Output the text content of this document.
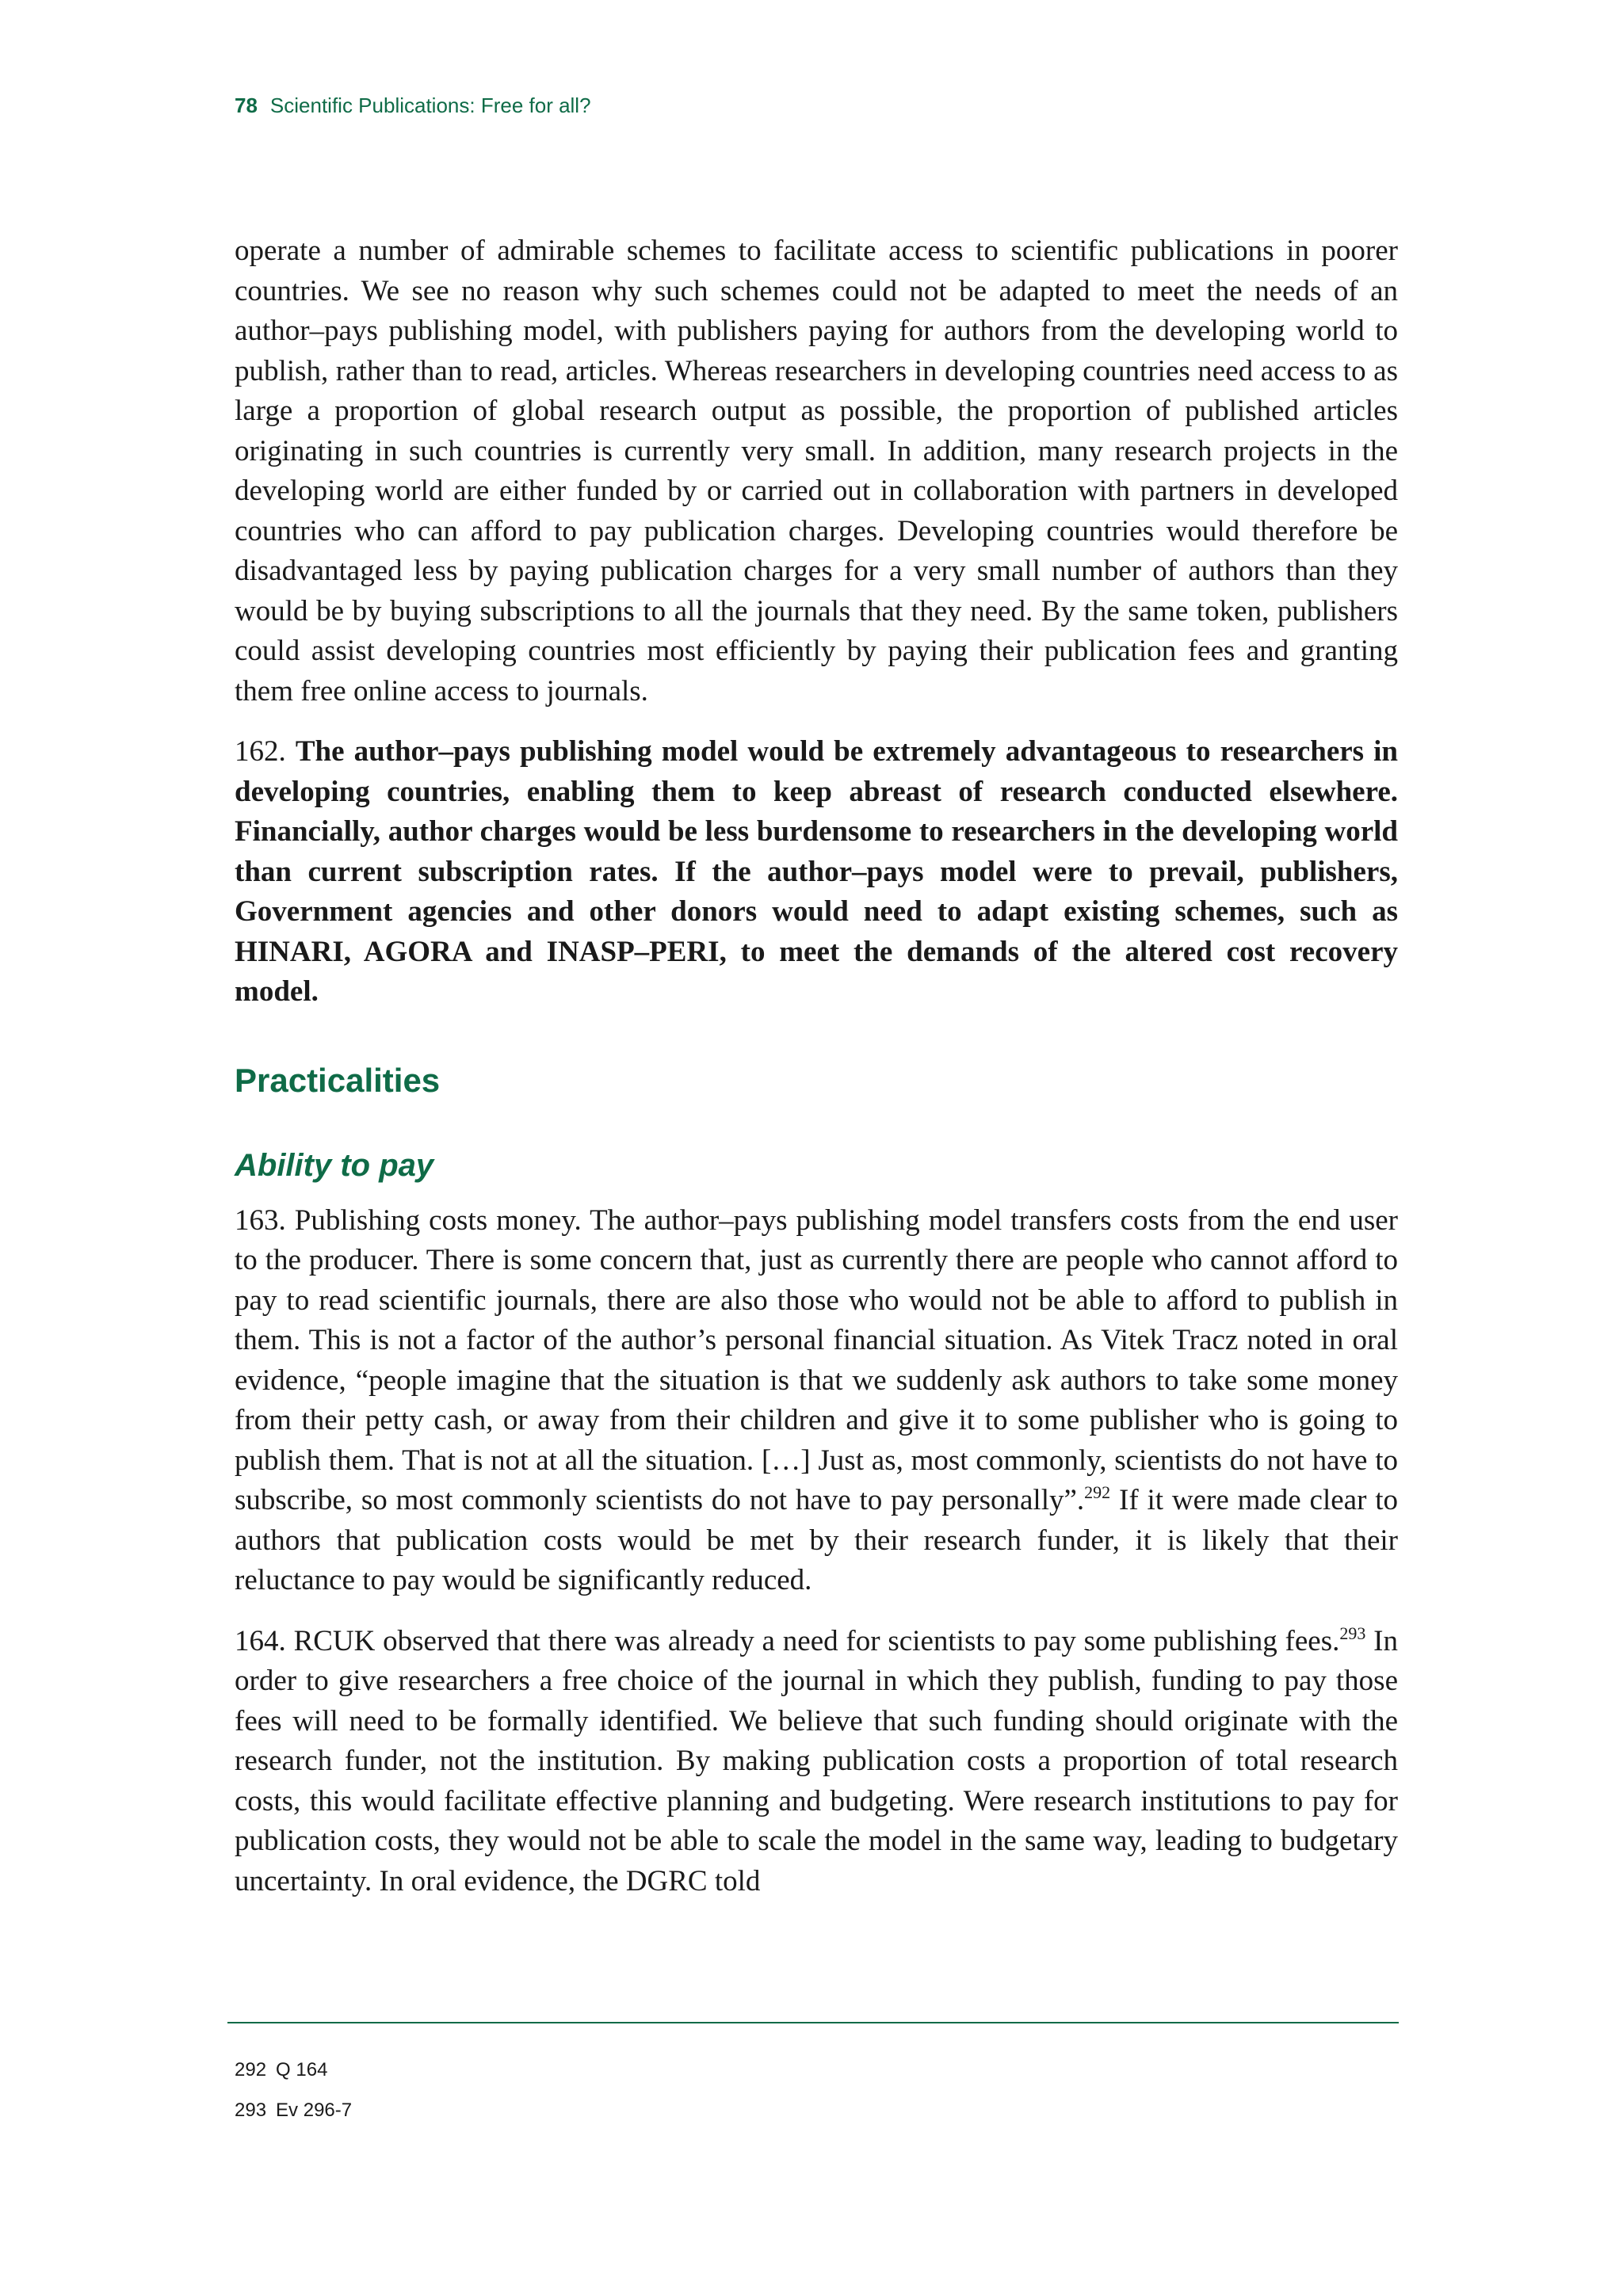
78 Scientific Publications: Free for all?

operate a number of admirable schemes to facilitate access to scientific publications in poorer countries. We see no reason why such schemes could not be adapted to meet the needs of an author–pays publishing model, with publishers paying for authors from the developing world to publish, rather than to read, articles. Whereas researchers in developing countries need access to as large a proportion of global research output as possible, the proportion of published articles originating in such countries is currently very small. In addition, many research projects in the developing world are either funded by or carried out in collaboration with partners in developed countries who can afford to pay publication charges. Developing countries would therefore be disadvantaged less by paying publication charges for a very small number of authors than they would be by buying subscriptions to all the journals that they need. By the same token, publishers could assist developing countries most efficiently by paying their publication fees and granting them free online access to journals.

162. The author–pays publishing model would be extremely advantageous to researchers in developing countries, enabling them to keep abreast of research conducted elsewhere. Financially, author charges would be less burdensome to researchers in the developing world than current subscription rates. If the author–pays model were to prevail, publishers, Government agencies and other donors would need to adapt existing schemes, such as HINARI, AGORA and INASP–PERI, to meet the demands of the altered cost recovery model.

Practicalities
Ability to pay

163. Publishing costs money. The author–pays publishing model transfers costs from the end user to the producer. There is some concern that, just as currently there are people who cannot afford to pay to read scientific journals, there are also those who would not be able to afford to publish in them. This is not a factor of the author’s personal financial situation. As Vitek Tracz noted in oral evidence, “people imagine that the situation is that we suddenly ask authors to take some money from their petty cash, or away from their children and give it to some publisher who is going to publish them. That is not at all the situation. […] Just as, most commonly, scientists do not have to subscribe, so most commonly scientists do not have to pay personally”.$^{292}$ If it were made clear to authors that publication costs would be met by their research funder, it is likely that their reluctance to pay would be significantly reduced.

164. RCUK observed that there was already a need for scientists to pay some publishing fees.$^{293}$ In order to give researchers a free choice of the journal in which they publish, funding to pay those fees will need to be formally identified. We believe that such funding should originate with the research funder, not the institution. By making publication costs a proportion of total research costs, this would facilitate effective planning and budgeting. Were research institutions to pay for publication costs, they would not be able to scale the model in the same way, leading to budgetary uncertainty. In oral evidence, the DGRC told

292 Q 164
293 Ev 296-7
